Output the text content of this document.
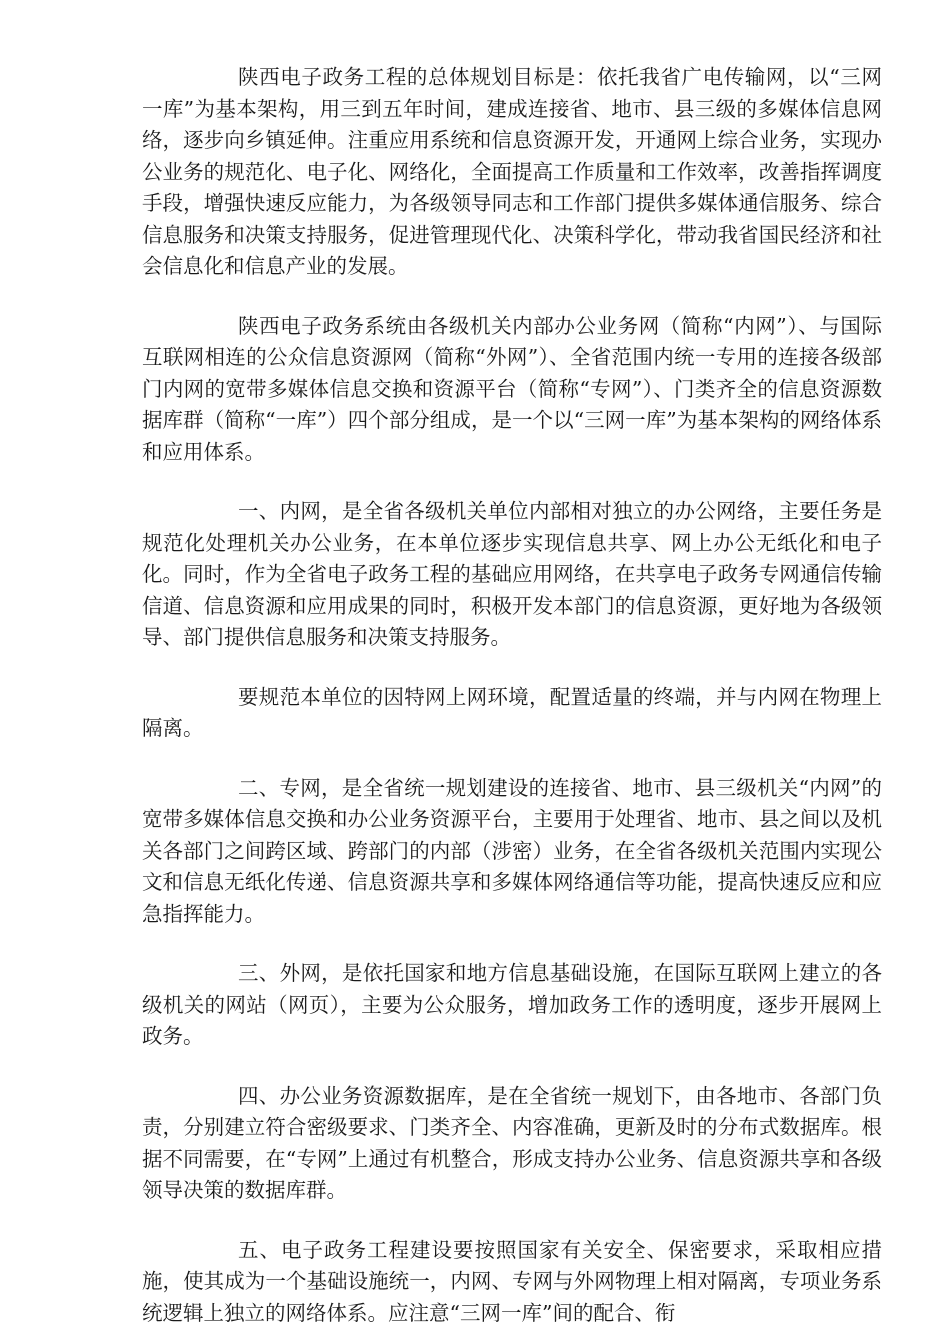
陕西电子政务工程的总体规划目标是：依托我省广电传输网，以“三网一库”为基本架构，用三到五年时间，建成连接省、地市、县三级的多媒体信息网络，逐步向乡镇延伸。注重应用系统和信息资源开发，开通网上综合业务，实现办公业务的规范化、电子化、网络化，全面提高工作质量和工作效率，改善指挥调度手段，增强快速反应能力，为各级领导同志和工作部门提供多媒体通信服务、综合信息服务和决策支持服务，促进管理现代化、决策科学化，带动我省国民经济和社会信息化和信息产业的发展。

陕西电子政务系统由各级机关内部办公业务网（简称“内网”）、与国际互联网相连的公众信息资源网（简称“外网”）、全省范围内统一专用的连接各级部门内网的宽带多媒体信息交换和资源平台（简称“专网”）、门类齐全的信息资源数据库群（简称“一库”）四个部分组成，是一个以“三网一库”为基本架构的网络体系和应用体系。

一、内网，是全省各级机关单位内部相对独立的办公网络，主要任务是规范化处理机关办公业务，在本单位逐步实现信息共享、网上办公无纸化和电子化。同时，作为全省电子政务工程的基础应用网络，在共享电子政务专网通信传输信道、信息资源和应用成果的同时，积极开发本部门的信息资源，更好地为各级领导、部门提供信息服务和决策支持服务。

要规范本单位的因特网上网环境，配置适量的终端，并与内网在物理上隔离。

二、专网，是全省统一规划建设的连接省、地市、县三级机关“内网”的宽带多媒体信息交换和办公业务资源平台，主要用于处理省、地市、县之间以及机关各部门之间跨区域、跨部门的内部（涉密）业务，在全省各级机关范围内实现公文和信息无纸化传递、信息资源共享和多媒体网络通信等功能，提高快速反应和应急指挥能力。

三、外网，是依托国家和地方信息基础设施，在国际互联网上建立的各级机关的网站（网页），主要为公众服务，增加政务工作的透明度，逐步开展网上政务。

四、办公业务资源数据库，是在全省统一规划下，由各地市、各部门负责，分别建立符合密级要求、门类齐全、内容准确，更新及时的分布式数据库。根据不同需要，在“专网”上通过有机整合，形成支持办公业务、信息资源共享和各级领导决策的数据库群。

五、电子政务工程建设要按照国家有关安全、保密要求，采取相应措施，使其成为一个基础设施统一，内网、专网与外网物理上相对隔离，专项业务系统逻辑上独立的网络体系。应注意“三网一库”间的配合、衔
